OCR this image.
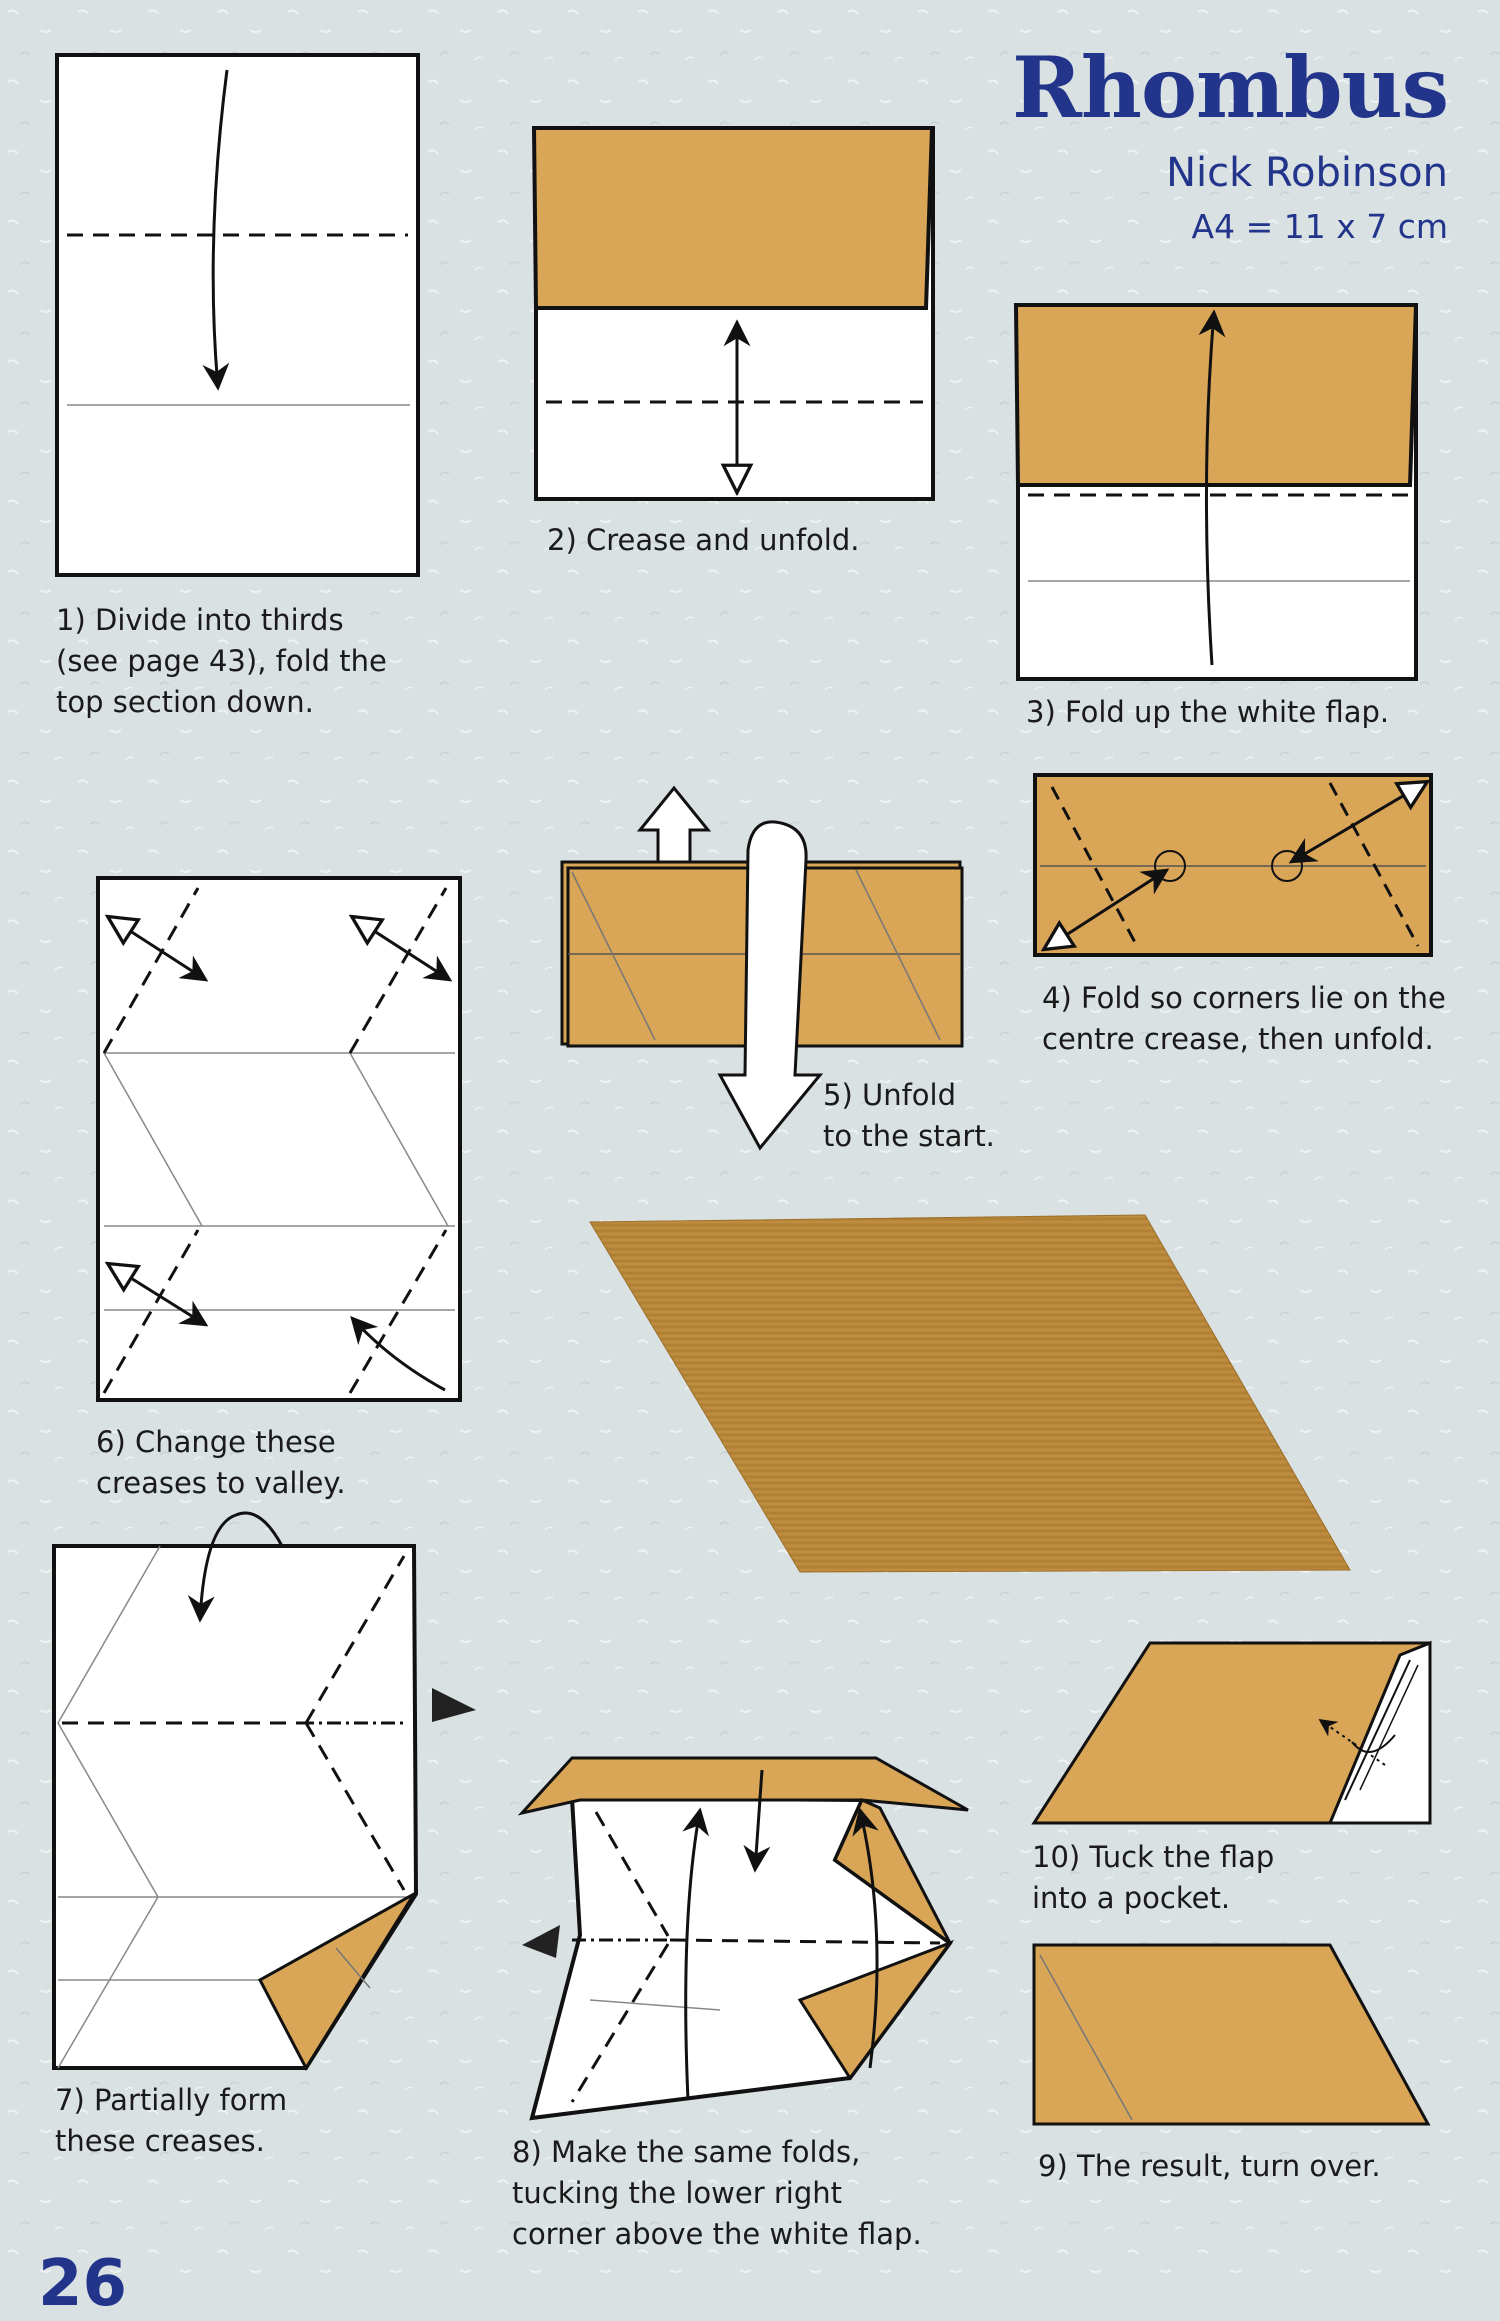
Rhombus
Nick Robinson
A4 = 11 x 7 cm
1) Divide into thirds
(see page 43), fold the
top section down.
2) Crease and unfold.
3) Fold up the white flap.
4) Fold so corners lie on the
centre crease, then unfold.
5) Unfold
to the start.
6) Change these
creases to valley.
7) Partially form
these creases.	8) Make the same folds,
tucking the lower right
corner above the white flap.
9) The result, turn over.
10) Tuck the flap
into a pocket.
26
